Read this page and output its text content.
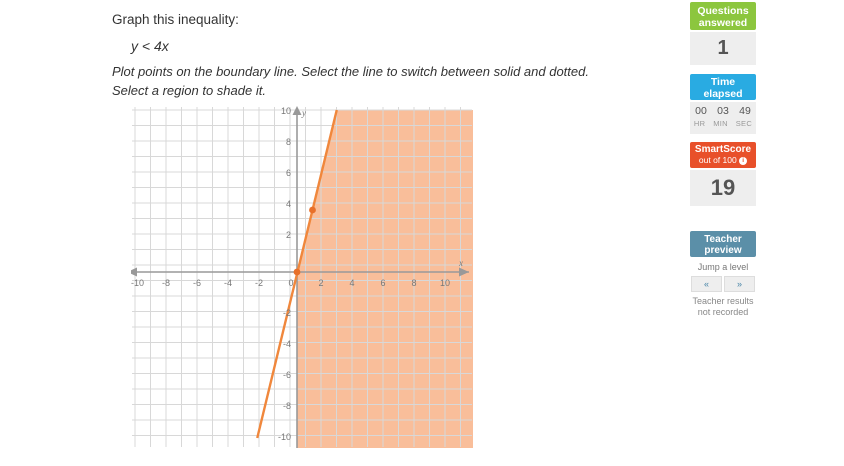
Graph this inequality:
y < 4x
Plot points on the boundary line. Select the line to switch between solid and dotted. Select a region to shade it.
-10 -8	-6	-4	-2	0	2	4	6	8	10
10
8
6
4
2
-2
-4
-6
-8
-10
x
y
Questions
answered
1
Time
elapsed
00 03 49
HR MIN SEC
SmartScore
out of 100 i
19
Teacher
preview
Jump a level
«	»
Teacher results
not recorded
